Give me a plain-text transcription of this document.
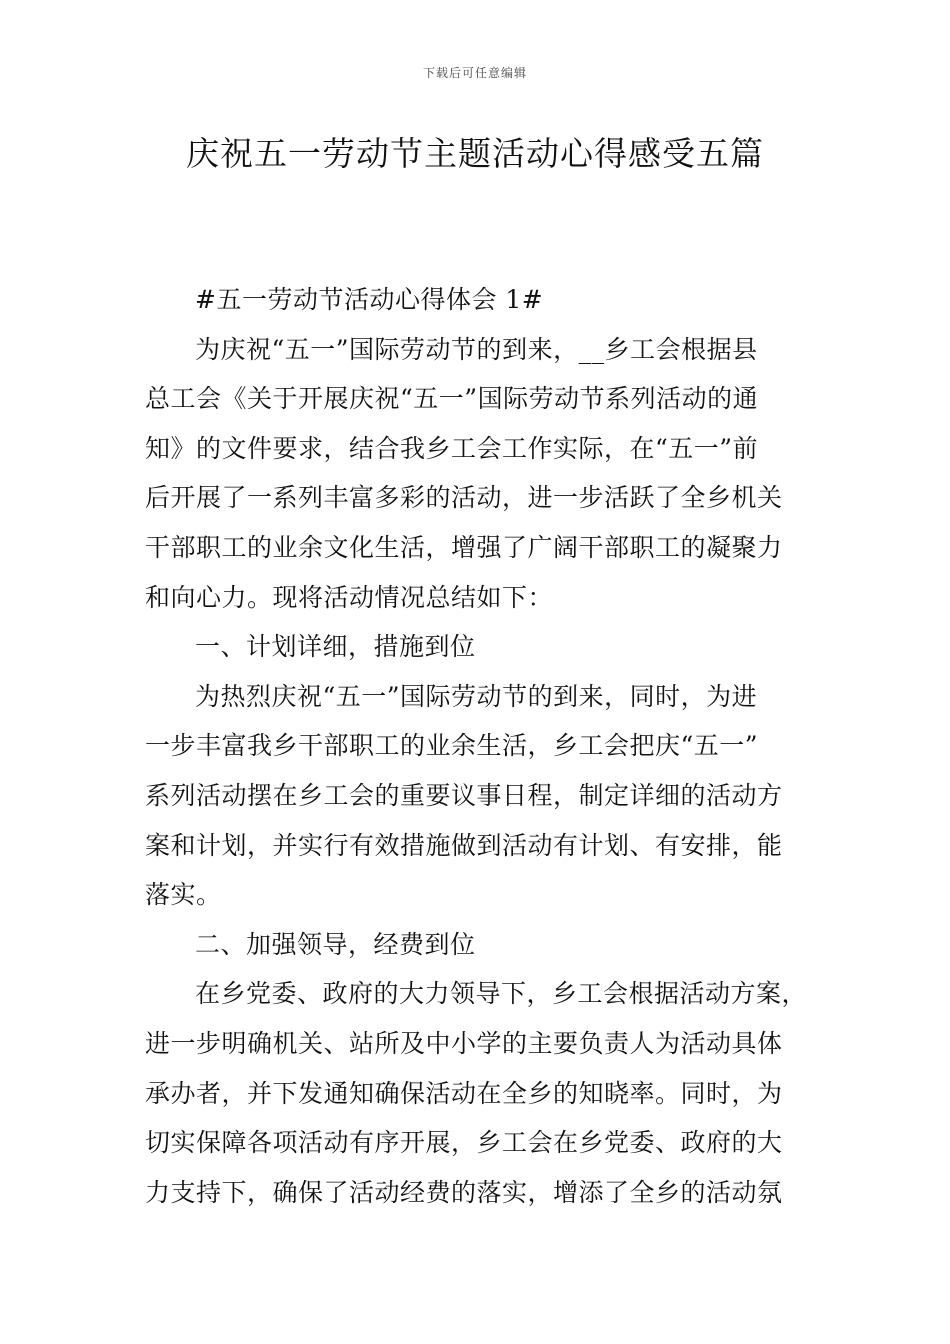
下载后可任意编辑
庆祝五一劳动节主题活动心得感受五篇
#五一劳动节活动心得体会 1#
为庆祝“五一”国际劳动节的到来，__乡工会根据县
总工会《关于开展庆祝“五一”国际劳动节系列活动的通
知》的文件要求，结合我乡工会工作实际，在“五一”前
后开展了一系列丰富多彩的活动，进一步活跃了全乡机关
干部职工的业余文化生活，增强了广阔干部职工的凝聚力
和向心力。现将活动情况总结如下：
一、计划详细，措施到位
为热烈庆祝“五一”国际劳动节的到来，同时，为进
一步丰富我乡干部职工的业余生活，乡工会把庆“五一”
系列活动摆在乡工会的重要议事日程，制定详细的活动方
案和计划，并实行有效措施做到活动有计划、有安排，能
落实。
二、加强领导，经费到位
在乡党委、政府的大力领导下，乡工会根据活动方案，
进一步明确机关、站所及中小学的主要负责人为活动具体
承办者，并下发通知确保活动在全乡的知晓率。同时，为
切实保障各项活动有序开展，乡工会在乡党委、政府的大
力支持下，确保了活动经费的落实，增添了全乡的活动氛
